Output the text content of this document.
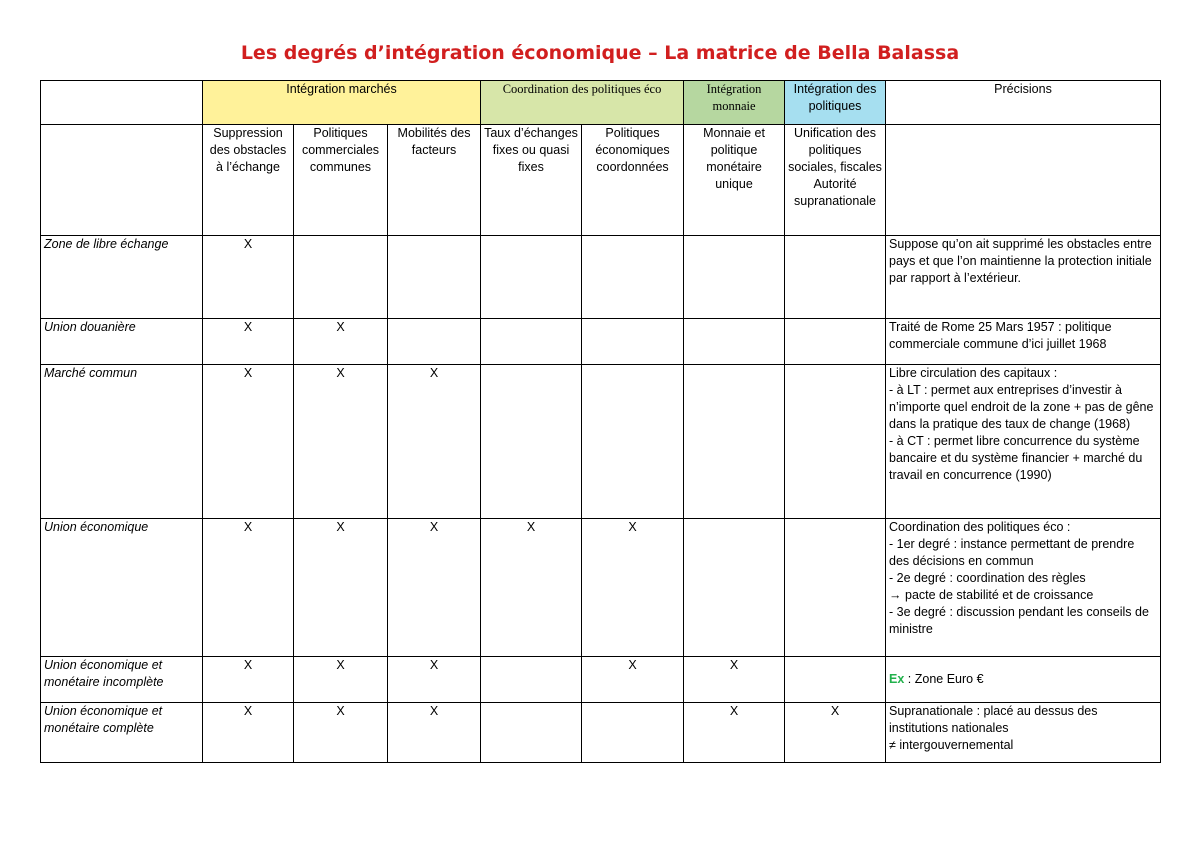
Les degrés d’intégration économique – La matrice de Bella Balassa
	Intégration marchés			Coordination des politiques éco		Intégration monnaie	Intégration des politiques	Précisions
	Suppression des obstacles à l’échange	Politiques commerciales communes	Mobilités des facteurs	Taux d’échanges fixes ou quasi fixes	Politiques économiques coordonnées	Monnaie et politique monétaire unique	Unification des politiques sociales, fiscales Autorité supranationale	
Zone de libre échange	X							Suppose qu’on ait supprimé les obstacles entre pays et que l’on maintienne la protection initiale par rapport à l’extérieur.

Union douanière	X	X						Traité de Rome 25 Mars 1957 : politique commerciale commune d’ici juillet 1968

Marché commun	X	X	X					Libre circulation des capitaux :
- à LT : permet aux entreprises d’investir à n’importe quel endroit de la zone + pas de gêne dans la pratique des taux de change (1968)
- à CT : permet libre concurrence du système bancaire et du système financier + marché du travail en concurrence (1990)

Union économique	X	X	X	X	X			Coordination des politiques éco :
- 1er degré : instance permettant de prendre des décisions en commun
- 2e degré : coordination des règles
→ pacte de stabilité et de croissance
- 3e degré : discussion pendant les conseils de ministre

Union économique et monétaire incomplète	X	X	X		X	X		Ex : Zone Euro €
Union économique et monétaire complète	X	X	X			X	X	Supranationale : placé au dessus des institutions nationales
≠ intergouvernemental
